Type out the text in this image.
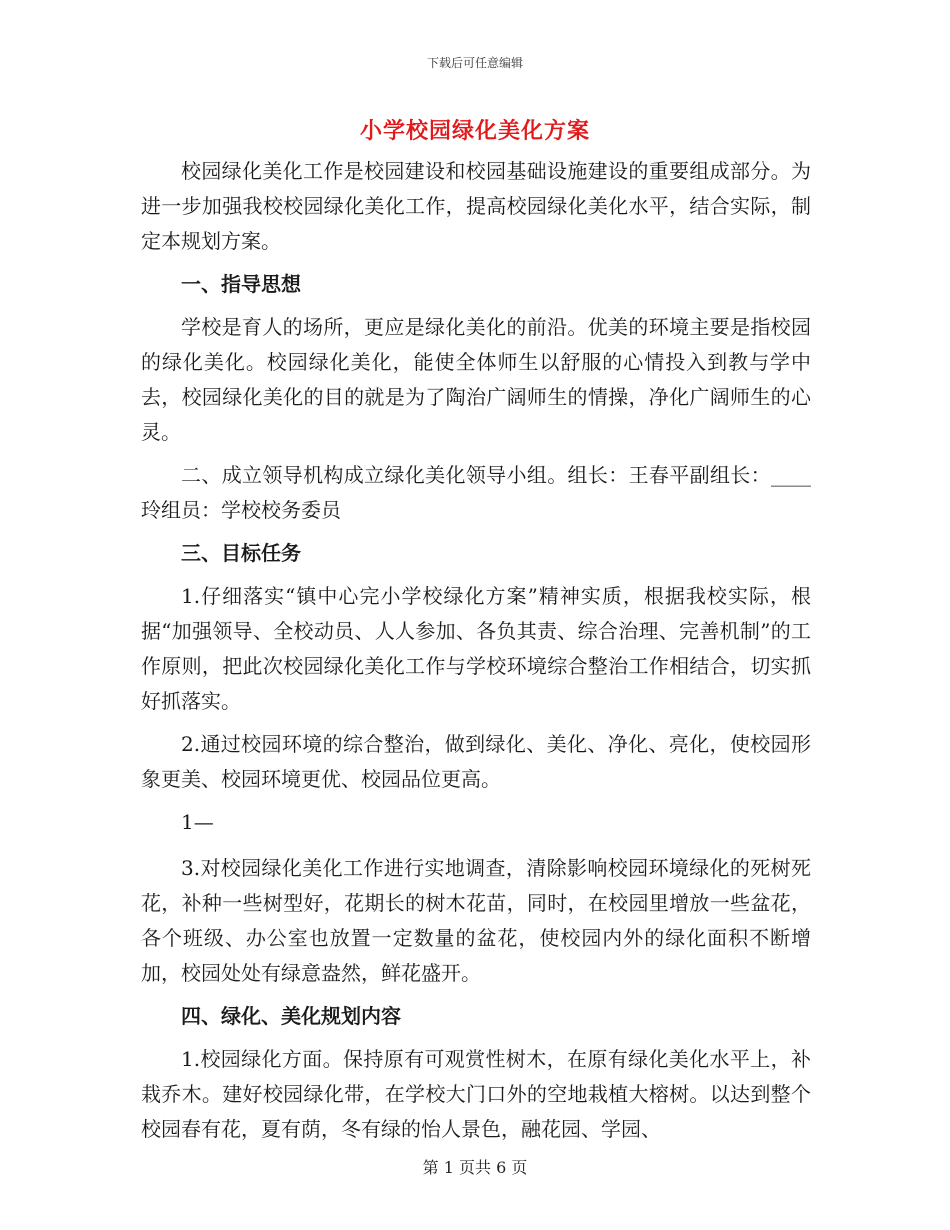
下载后可任意编辑
小学校园绿化美化方案

校园绿化美化工作是校园建设和校园基础设施建设的重要组成部分。为进一步加强我校校园绿化美化工作，提高校园绿化美化水平，结合实际，制定本规划方案。

一、指导思想

学校是育人的场所，更应是绿化美化的前沿。优美的环境主要是指校园的绿化美化。校园绿化美化，能使全体师生以舒服的心情投入到教与学中去，校园绿化美化的目的就是为了陶治广阔师生的情操，净化广阔师生的心灵。

二、成立领导机构成立绿化美化领导小组。组长：王春平副组长：____玲组员：学校校务委员

三、目标任务

1.仔细落实“镇中心完小学校绿化方案”精神实质，根据我校实际，根据“加强领导、全校动员、人人参加、各负其责、综合治理、完善机制”的工作原则，把此次校园绿化美化工作与学校环境综合整治工作相结合，切实抓好抓落实。

2.通过校园环境的综合整治，做到绿化、美化、净化、亮化，使校园形象更美、校园环境更优、校园品位更高。

1—

3.对校园绿化美化工作进行实地调查，清除影响校园环境绿化的死树死花，补种一些树型好，花期长的树木花苗，同时，在校园里增放一些盆花，各个班级、办公室也放置一定数量的盆花，使校园内外的绿化面积不断增加，校园处处有绿意盎然，鲜花盛开。

四、绿化、美化规划内容

1.校园绿化方面。保持原有可观赏性树木，在原有绿化美化水平上，补栽乔木。建好校园绿化带，在学校大门口外的空地栽植大榕树。以达到整个校园春有花，夏有荫，冬有绿的怡人景色，融花园、学园、

第 1 页共 6 页
